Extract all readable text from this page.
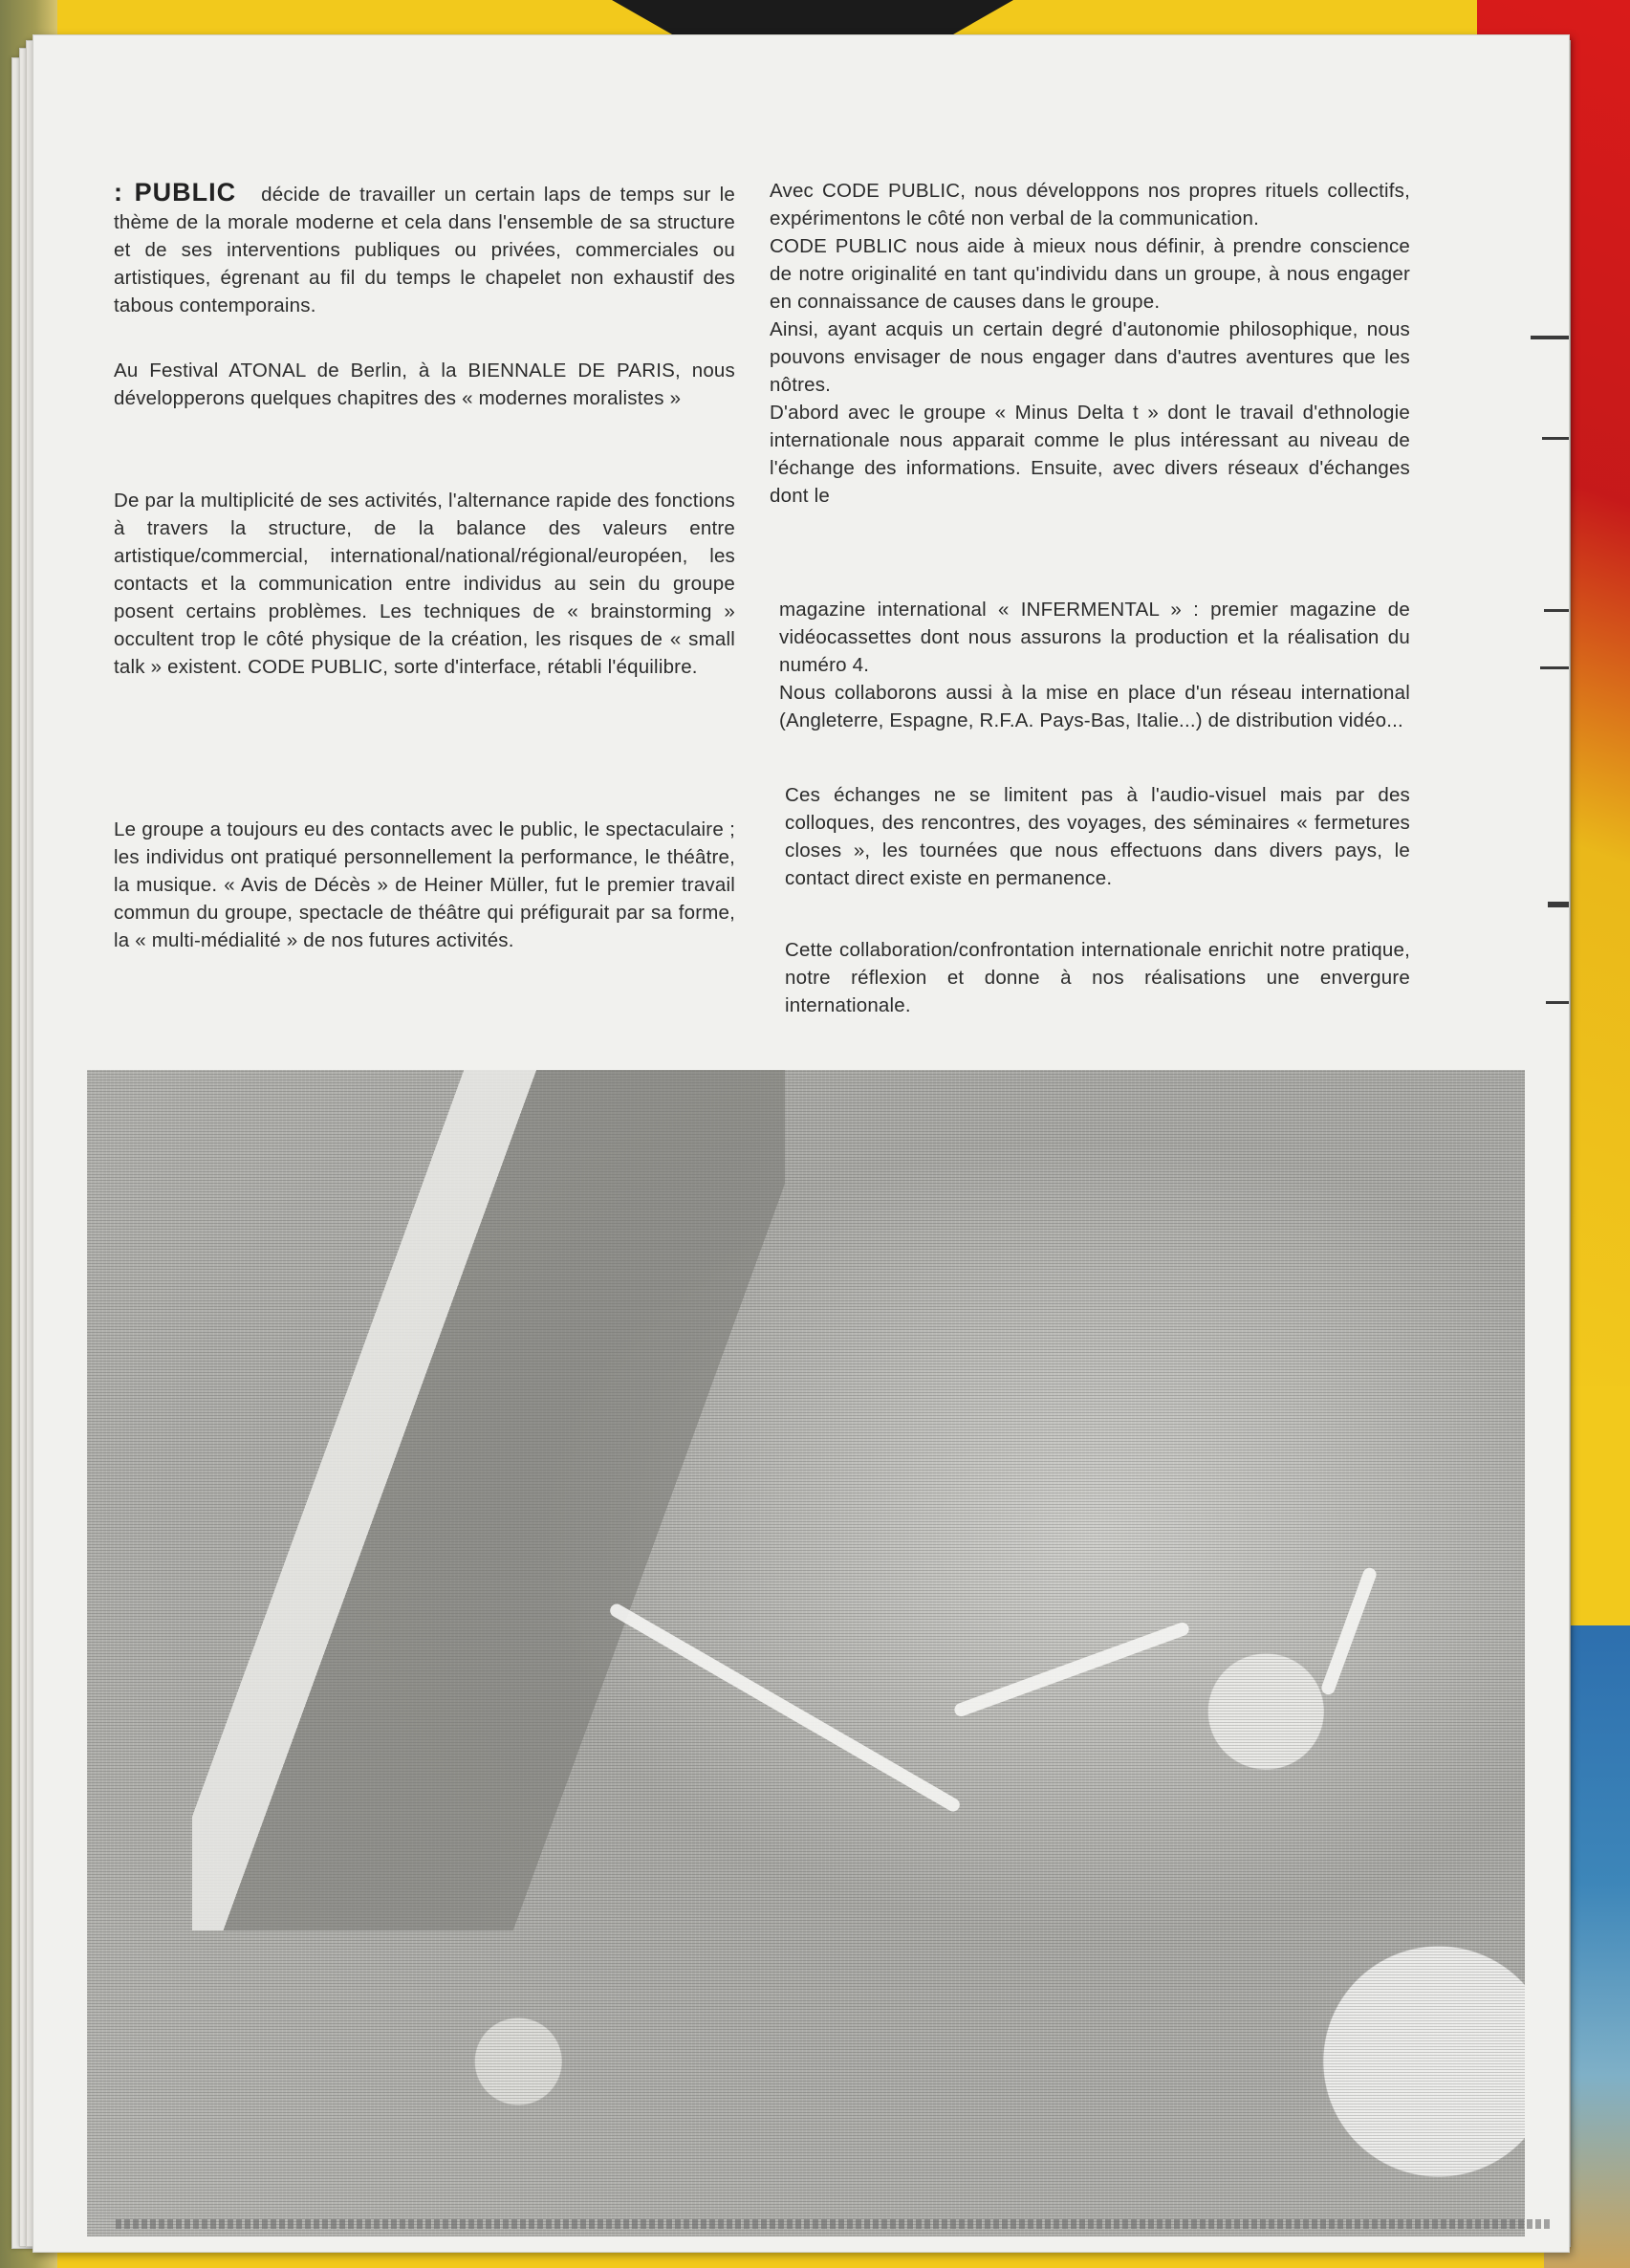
: PUBLIC décide de travailler un certain laps de temps sur le thème de la morale moderne et cela dans l'ensemble de sa structure et de ses interventions publiques ou privées, commerciales ou artistiques, égrenant au fil du temps le chapelet non exhaustif des tabous contemporains.

Au Festival ATONAL de Berlin, à la BIENNALE DE PARIS, nous développerons quelques chapitres des « modernes moralistes »

De par la multiplicité de ses activités, l'alternance rapide des fonctions à travers la structure, de la balance des valeurs entre artistique/commercial, international/national/régional/européen, les contacts et la communication entre individus au sein du groupe posent certains problèmes. Les techniques de « brainstorming » occultent trop le côté physique de la création, les risques de « small talk » existent. CODE PUBLIC, sorte d'interface, rétabli l'équilibre.

Le groupe a toujours eu des contacts avec le public, le spectaculaire ; les individus ont pratiqué personnellement la performance, le théâtre, la musique. « Avis de Décès » de Heiner Müller, fut le premier travail commun du groupe, spectacle de théâtre qui préfigurait par sa forme, la « multi-médialité » de nos futures activités.

Avec CODE PUBLIC, nous développons nos propres rituels collectifs, expérimentons le côté non verbal de la communication.

CODE PUBLIC nous aide à mieux nous définir, à prendre conscience de notre originalité en tant qu'individu dans un groupe, à nous engager en connaissance de causes dans le groupe.

Ainsi, ayant acquis un certain degré d'autonomie philosophique, nous pouvons envisager de nous engager dans d'autres aventures que les nôtres.

D'abord avec le groupe « Minus Delta t » dont le travail d'ethnologie internationale nous apparait comme le plus intéressant au niveau de l'échange des informations. Ensuite, avec divers réseaux d'échanges dont le

magazine international « INFERMENTAL » : premier magazine de vidéocassettes dont nous assurons la production et la réalisation du numéro 4.

Nous collaborons aussi à la mise en place d'un réseau international (Angleterre, Espagne, R.F.A. Pays-Bas, Italie...) de distribution vidéo...

Ces échanges ne se limitent pas à l'audio-visuel mais par des colloques, des rencontres, des voyages, des séminaires « fermetures closes », les tournées que nous effectuons dans divers pays, le contact direct existe en permanence.

Cette collaboration/confrontation internationale enrichit notre pratique, notre réflexion et donne à nos réalisations une envergure internationale.
